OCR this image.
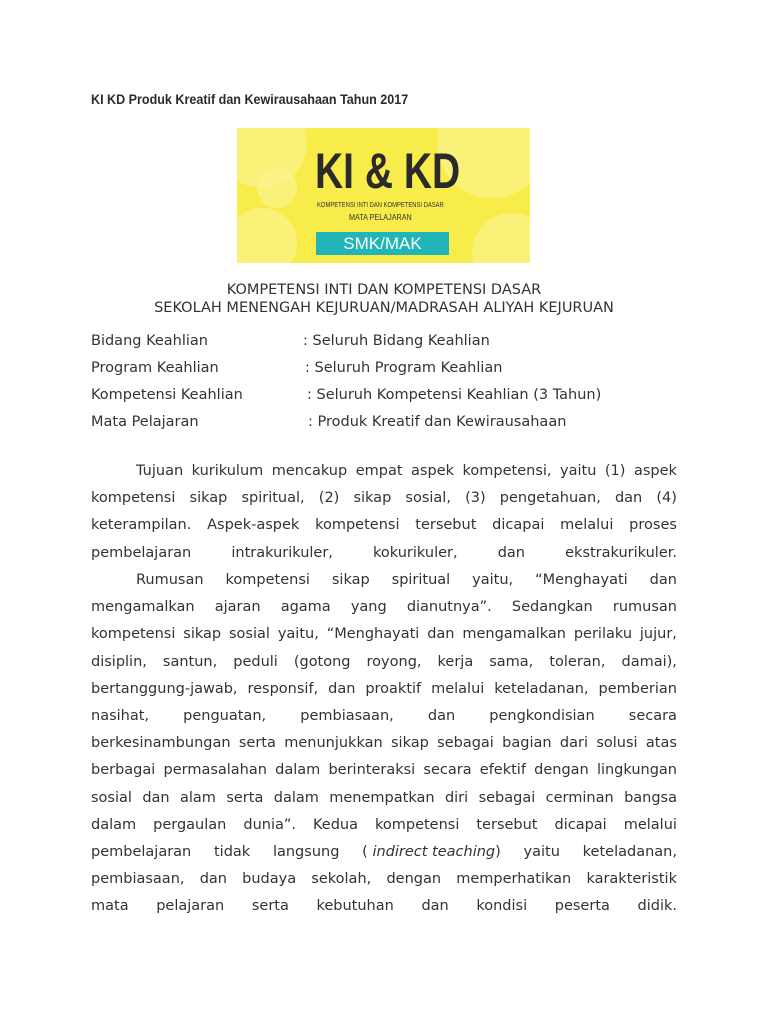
KI KD Produk Kreatif dan Kewirausahaan Tahun 2017
KI & KD
KOMPETENSI INTI DAN KOMPETENSI DASAR
MATA PELAJARAN
SMK/MAK
KOMPETENSI INTI DAN KOMPETENSI DASAR
SEKOLAH MENENGAH KEJURUAN/MADRASAH ALIYAH KEJURUAN
Bidang Keahlian	: Seluruh Bidang Keahlian
Program Keahlian	: Seluruh Program Keahlian
Kompetensi Keahlian	: Seluruh Kompetensi Keahlian (3 Tahun)
Mata Pelajaran	: Produk Kreatif dan Kewirausahaan
Tujuan kurikulum mencakup empat aspek kompetensi, yaitu (1) aspek
kompetensi sikap spiritual, (2) sikap sosial, (3) pengetahuan, dan (4)
keterampilan. Aspek-aspek kompetensi tersebut dicapai melalui proses
pembelajaran intrakurikuler, kokurikuler, dan ekstrakurikuler.
Rumusan kompetensi sikap spiritual yaitu, “Menghayati dan
mengamalkan ajaran agama yang dianutnya”. Sedangkan rumusan
kompetensi sikap sosial yaitu, “Menghayati dan mengamalkan perilaku jujur,
disiplin, santun, peduli (gotong royong, kerja sama, toleran, damai),
bertanggung-jawab, responsif, dan proaktif melalui keteladanan, pemberian
nasihat, penguatan, pembiasaan, dan pengkondisian secara
berkesinambungan serta menunjukkan sikap sebagai bagian dari solusi atas
berbagai permasalahan dalam berinteraksi secara efektif dengan lingkungan
sosial dan alam serta dalam menempatkan diri sebagai cerminan bangsa
dalam pergaulan dunia”. Kedua kompetensi tersebut dicapai melalui
pembelajaran tidak langsung ( indirect teaching) yaitu keteladanan,
pembiasaan, dan budaya sekolah, dengan memperhatikan karakteristik
mata pelajaran serta kebutuhan dan kondisi peserta didik.
